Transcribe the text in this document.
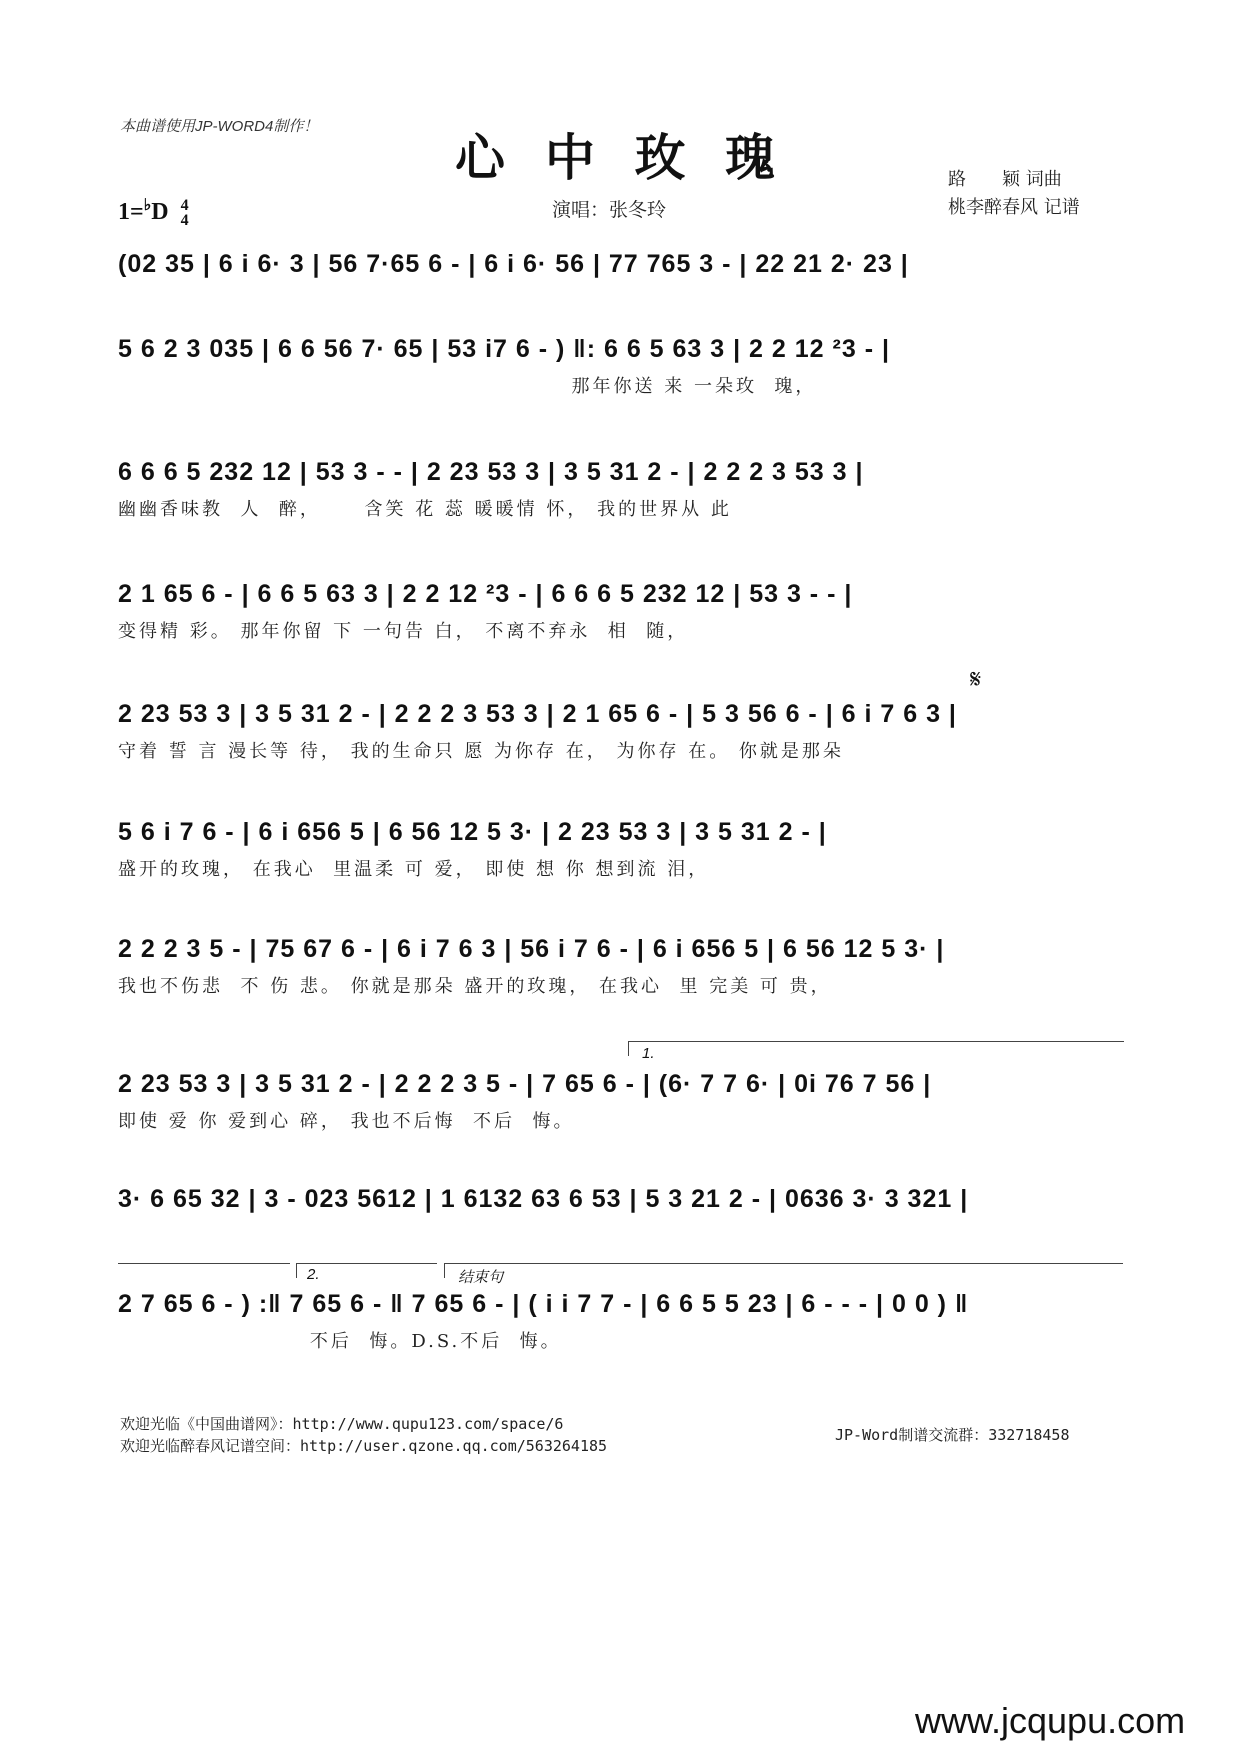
本曲谱使用JP-WORD4制作！
心中玫瑰
1=♭D 4
4	演唱：张冬玲
路　　颖 词曲
桃李醉春风 记谱
(02 35 | 6 i 6· 3 | 56 7·65 6 - | 6 i 6· 56 | 77 765 3 - | 22 21 2· 23 |
5 6 2 3 035 | 6 6 56 7· 65 | 53 i7 6 - ) ‖: 6 6 5 63 3 | 2 2 12 ²3 - |
那年你送 来 一朵玫  瑰，
6 6 6 5 232 12 | 53 3 - - | 2 23 53 3 | 3 5 31 2 - | 2 2 2 3 53 3 |
幽幽香味教  人  醉，     含笑 花 蕊 暖暖情 怀， 我的世界从 此
2 1 65 6 - | 6 6 5 63 3 | 2 2 12 ²3 - | 6 6 6 5 232 12 | 53 3 - - |
变得精 彩。 那年你留 下 一句告 白， 不离不弃永  相  随，
𝄋
2 23 53 3 | 3 5 31 2 - | 2 2 2 3 53 3 | 2 1 65 6 - | 5 3 56 6 - | 6 i 7 6 3 |
守着 誓 言 漫长等 待， 我的生命只 愿 为你存 在， 为你存 在。 你就是那朵
5 6 i 7 6 - | 6 i 656 5 | 6 56 12 5 3· | 2 23 53 3 | 3 5 31 2 - |
盛开的玫瑰， 在我心  里温柔 可 爱， 即使 想 你 想到流 泪，
2 2 2 3 5 - | 75 67 6 - | 6 i 7 6 3 | 56 i 7 6 - | 6 i 656 5 | 6 56 12 5 3· |
我也不伤悲  不 伤 悲。 你就是那朵 盛开的玫瑰， 在我心  里 完美 可 贵，
1.
2 23 53 3 | 3 5 31 2 - | 2 2 2 3 5 - | 7 65 6 - | (6· 7 7 6· | 0i 76 7 56 |
即使 爱 你 爱到心 碎， 我也不后悔  不后  悔。
3· 6 65 32 | 3 - 023 5612 | 1 6132 63 6 53 | 5 3 21 2 - | 0636 3· 3 321 |
2.	结束句
2 7 65 6 - ) :‖ 7 65 6 - ‖ 7 65 6 - | ( i i 7 7 - | 6 6 5 5 23 | 6 - - - | 0 0 ) ‖
不后  悔。D.S.不后  悔。
欢迎光临《中国曲谱网》：http://www.qupu123.com/space/6
欢迎光临醉春风记谱空间：http://user.qzone.qq.com/563264185
JP-Word制谱交流群：332718458
www.jcqupu.com
